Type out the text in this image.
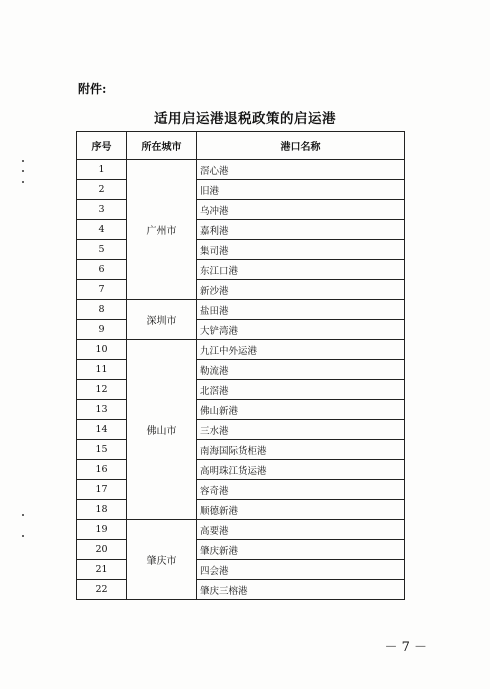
附件:
适用启运港退税政策的启运港
序号	所在城市	港口名称
1	广州市	滘心港
2		旧港
3		乌冲港
4		嘉利港
5		集司港
6		东江口港
7		新沙港
8	深圳市	盐田港
9		大铲湾港
10	佛山市	九江中外运港
11		勒流港
12		北滘港
13		佛山新港
14		三水港
15		南海国际货柜港
16		高明珠江货运港
17		容奇港
18		顺德新港
19	肇庆市	高要港
20		肇庆新港
21		四会港
22		肇庆三榕港
－ 7 －
